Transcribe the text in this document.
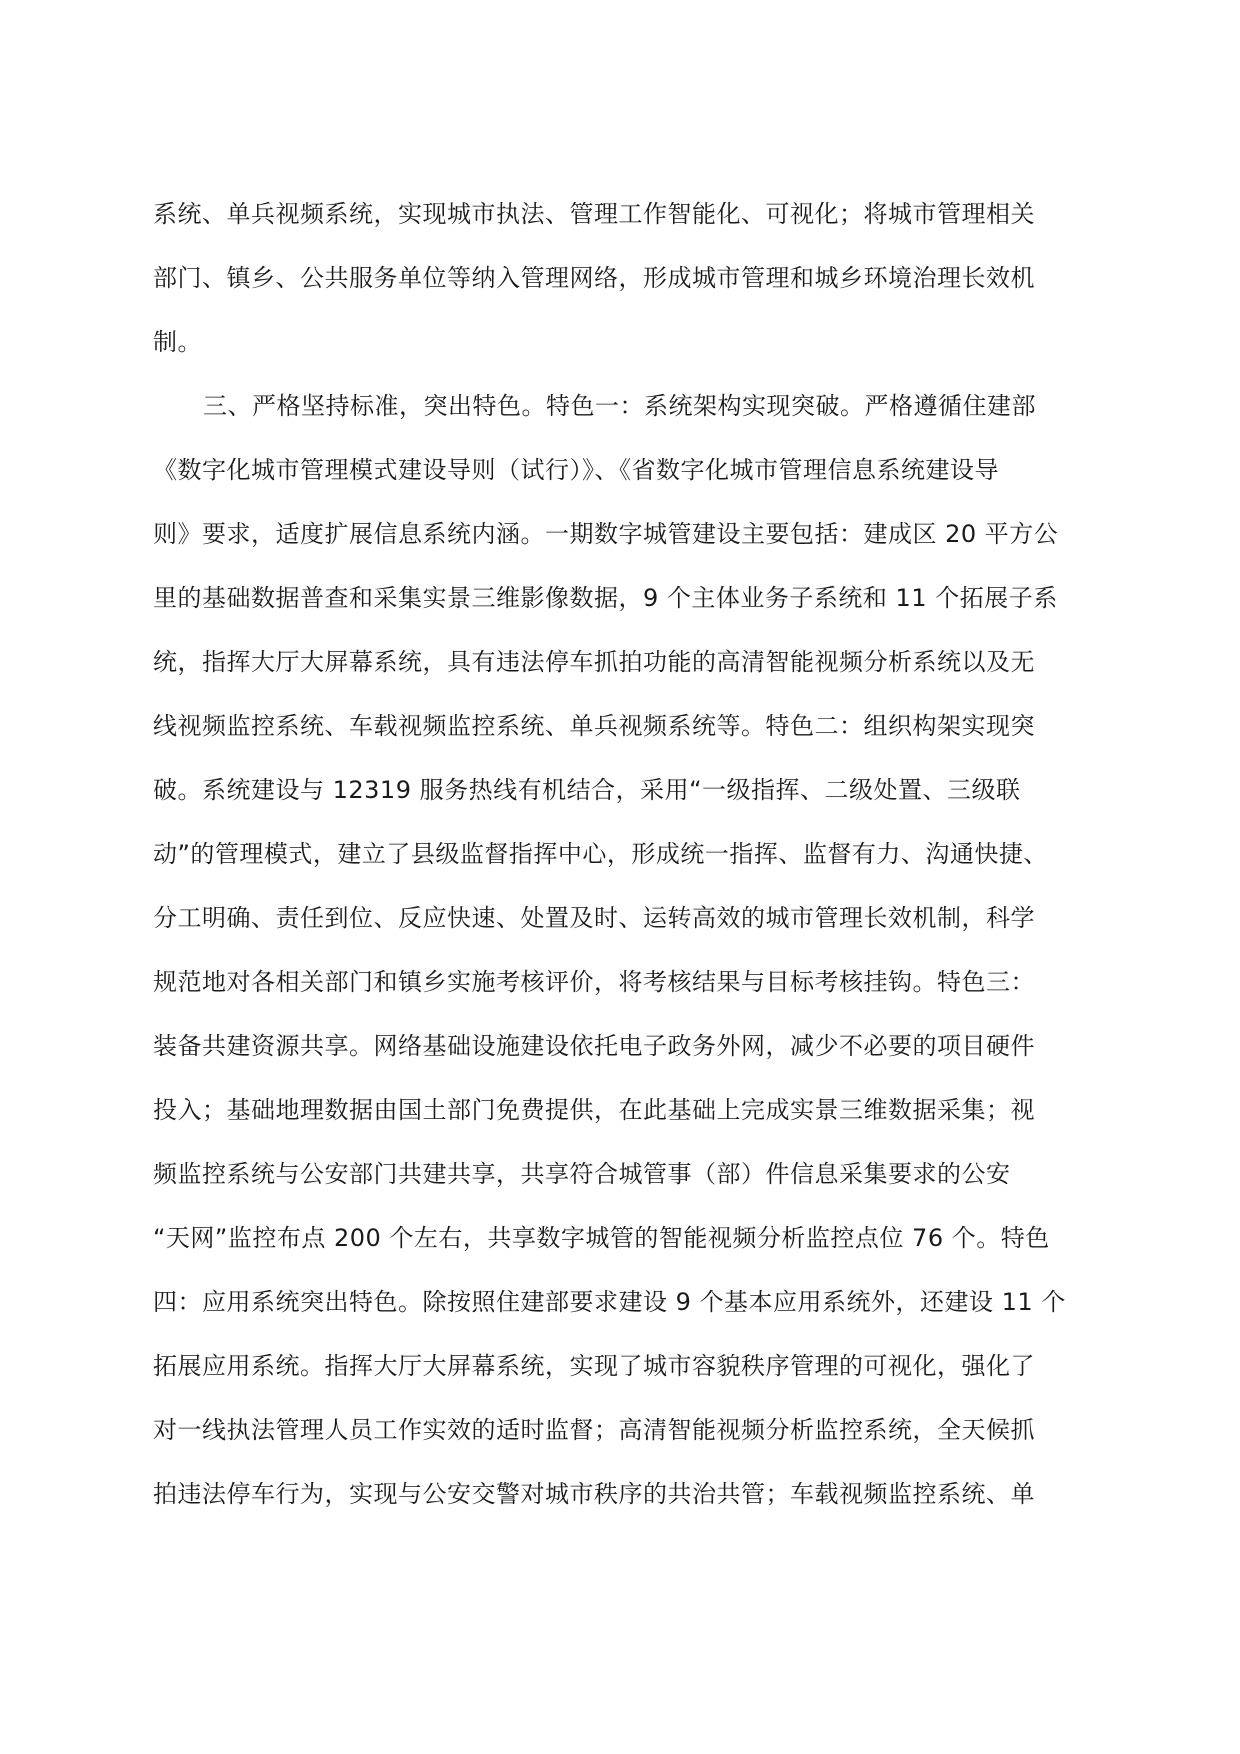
系统、单兵视频系统，实现城市执法、管理工作智能化、可视化；将城市管理相关
部门、镇乡、公共服务单位等纳入管理网络，形成城市管理和城乡环境治理长效机
制。
三、严格坚持标准，突出特色。特色一：系统架构实现突破。严格遵循住建部
《数字化城市管理模式建设导则（试行）》、《省数字化城市管理信息系统建设导
则》要求，适度扩展信息系统内涵。一期数字城管建设主要包括：建成区 20 平方公
里的基础数据普查和采集实景三维影像数据，9 个主体业务子系统和 11 个拓展子系
统，指挥大厅大屏幕系统，具有违法停车抓拍功能的高清智能视频分析系统以及无
线视频监控系统、车载视频监控系统、单兵视频系统等。特色二：组织构架实现突
破。系统建设与 12319 服务热线有机结合，采用“一级指挥、二级处置、三级联
动”的管理模式，建立了县级监督指挥中心，形成统一指挥、监督有力、沟通快捷、
分工明确、责任到位、反应快速、处置及时、运转高效的城市管理长效机制，科学
规范地对各相关部门和镇乡实施考核评价，将考核结果与目标考核挂钩。特色三：
装备共建资源共享。网络基础设施建设依托电子政务外网，减少不必要的项目硬件
投入；基础地理数据由国土部门免费提供，在此基础上完成实景三维数据采集；视
频监控系统与公安部门共建共享，共享符合城管事（部）件信息采集要求的公安
“天网”监控布点 200 个左右，共享数字城管的智能视频分析监控点位 76 个。特色
四：应用系统突出特色。除按照住建部要求建设 9 个基本应用系统外，还建设 11 个
拓展应用系统。指挥大厅大屏幕系统，实现了城市容貌秩序管理的可视化，强化了
对一线执法管理人员工作实效的适时监督；高清智能视频分析监控系统，全天候抓
拍违法停车行为，实现与公安交警对城市秩序的共治共管；车载视频监控系统、单
